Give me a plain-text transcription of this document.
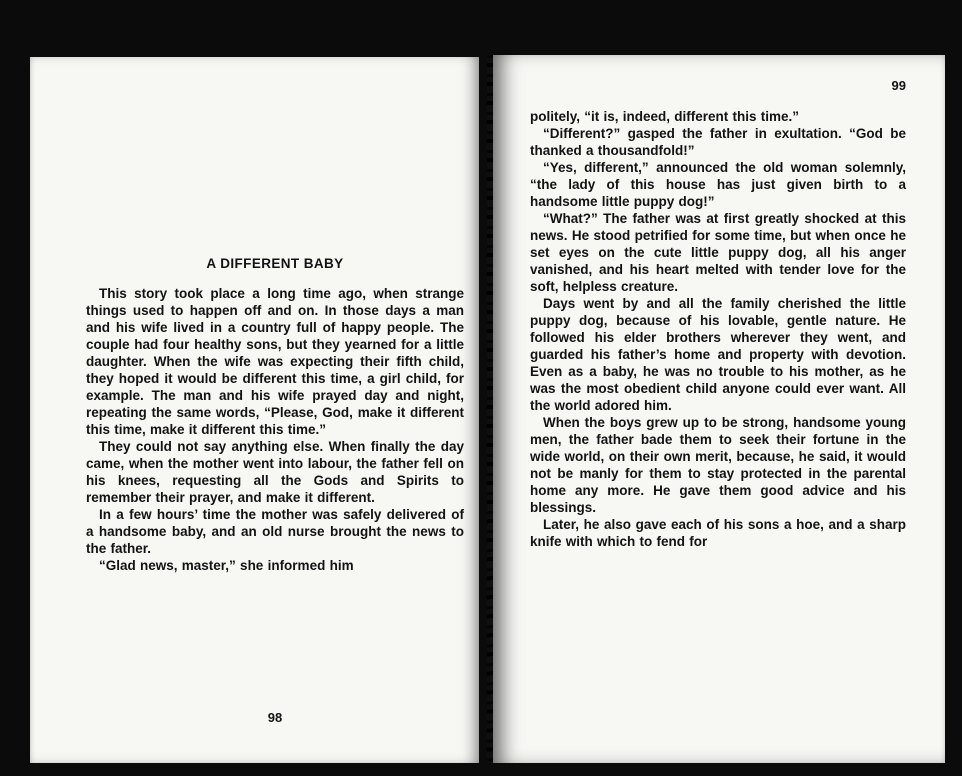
A DIFFERENT BABY

This story took place a long time ago, when strange things used to happen off and on. In those days a man and his wife lived in a country full of happy people. The couple had four healthy sons, but they yearned for a little daughter. When the wife was expecting their fifth child, they hoped it would be different this time, a girl child, for example. The man and his wife prayed day and night, repeating the same words, “Please, God, make it different this time, make it different this time.”

They could not say anything else. When finally the day came, when the mother went into labour, the father fell on his knees, requesting all the Gods and Spirits to remember their prayer, and make it different.

In a few hours’ time the mother was safely delivered of a handsome baby, and an old nurse brought the news to the father.

“Glad news, master,” she informed him

98
99

politely, “it is, indeed, different this time.”

“Different?” gasped the father in exultation. “God be thanked a thousandfold!”

“Yes, different,” announced the old woman solemnly, “the lady of this house has just given birth to a handsome little puppy dog!”

“What?” The father was at first greatly shocked at this news. He stood petrified for some time, but when once he set eyes on the cute little puppy dog, all his anger vanished, and his heart melted with tender love for the soft, helpless creature.

Days went by and all the family cherished the little puppy dog, because of his lovable, gentle nature. He followed his elder brothers wherever they went, and guarded his father’s home and property with devotion. Even as a baby, he was no trouble to his mother, as he was the most obedient child anyone could ever want. All the world adored him.

When the boys grew up to be strong, handsome young men, the father bade them to seek their fortune in the wide world, on their own merit, because, he said, it would not be manly for them to stay protected in the parental home any more. He gave them good advice and his blessings.

Later, he also gave each of his sons a hoe, and a sharp knife with which to fend for
